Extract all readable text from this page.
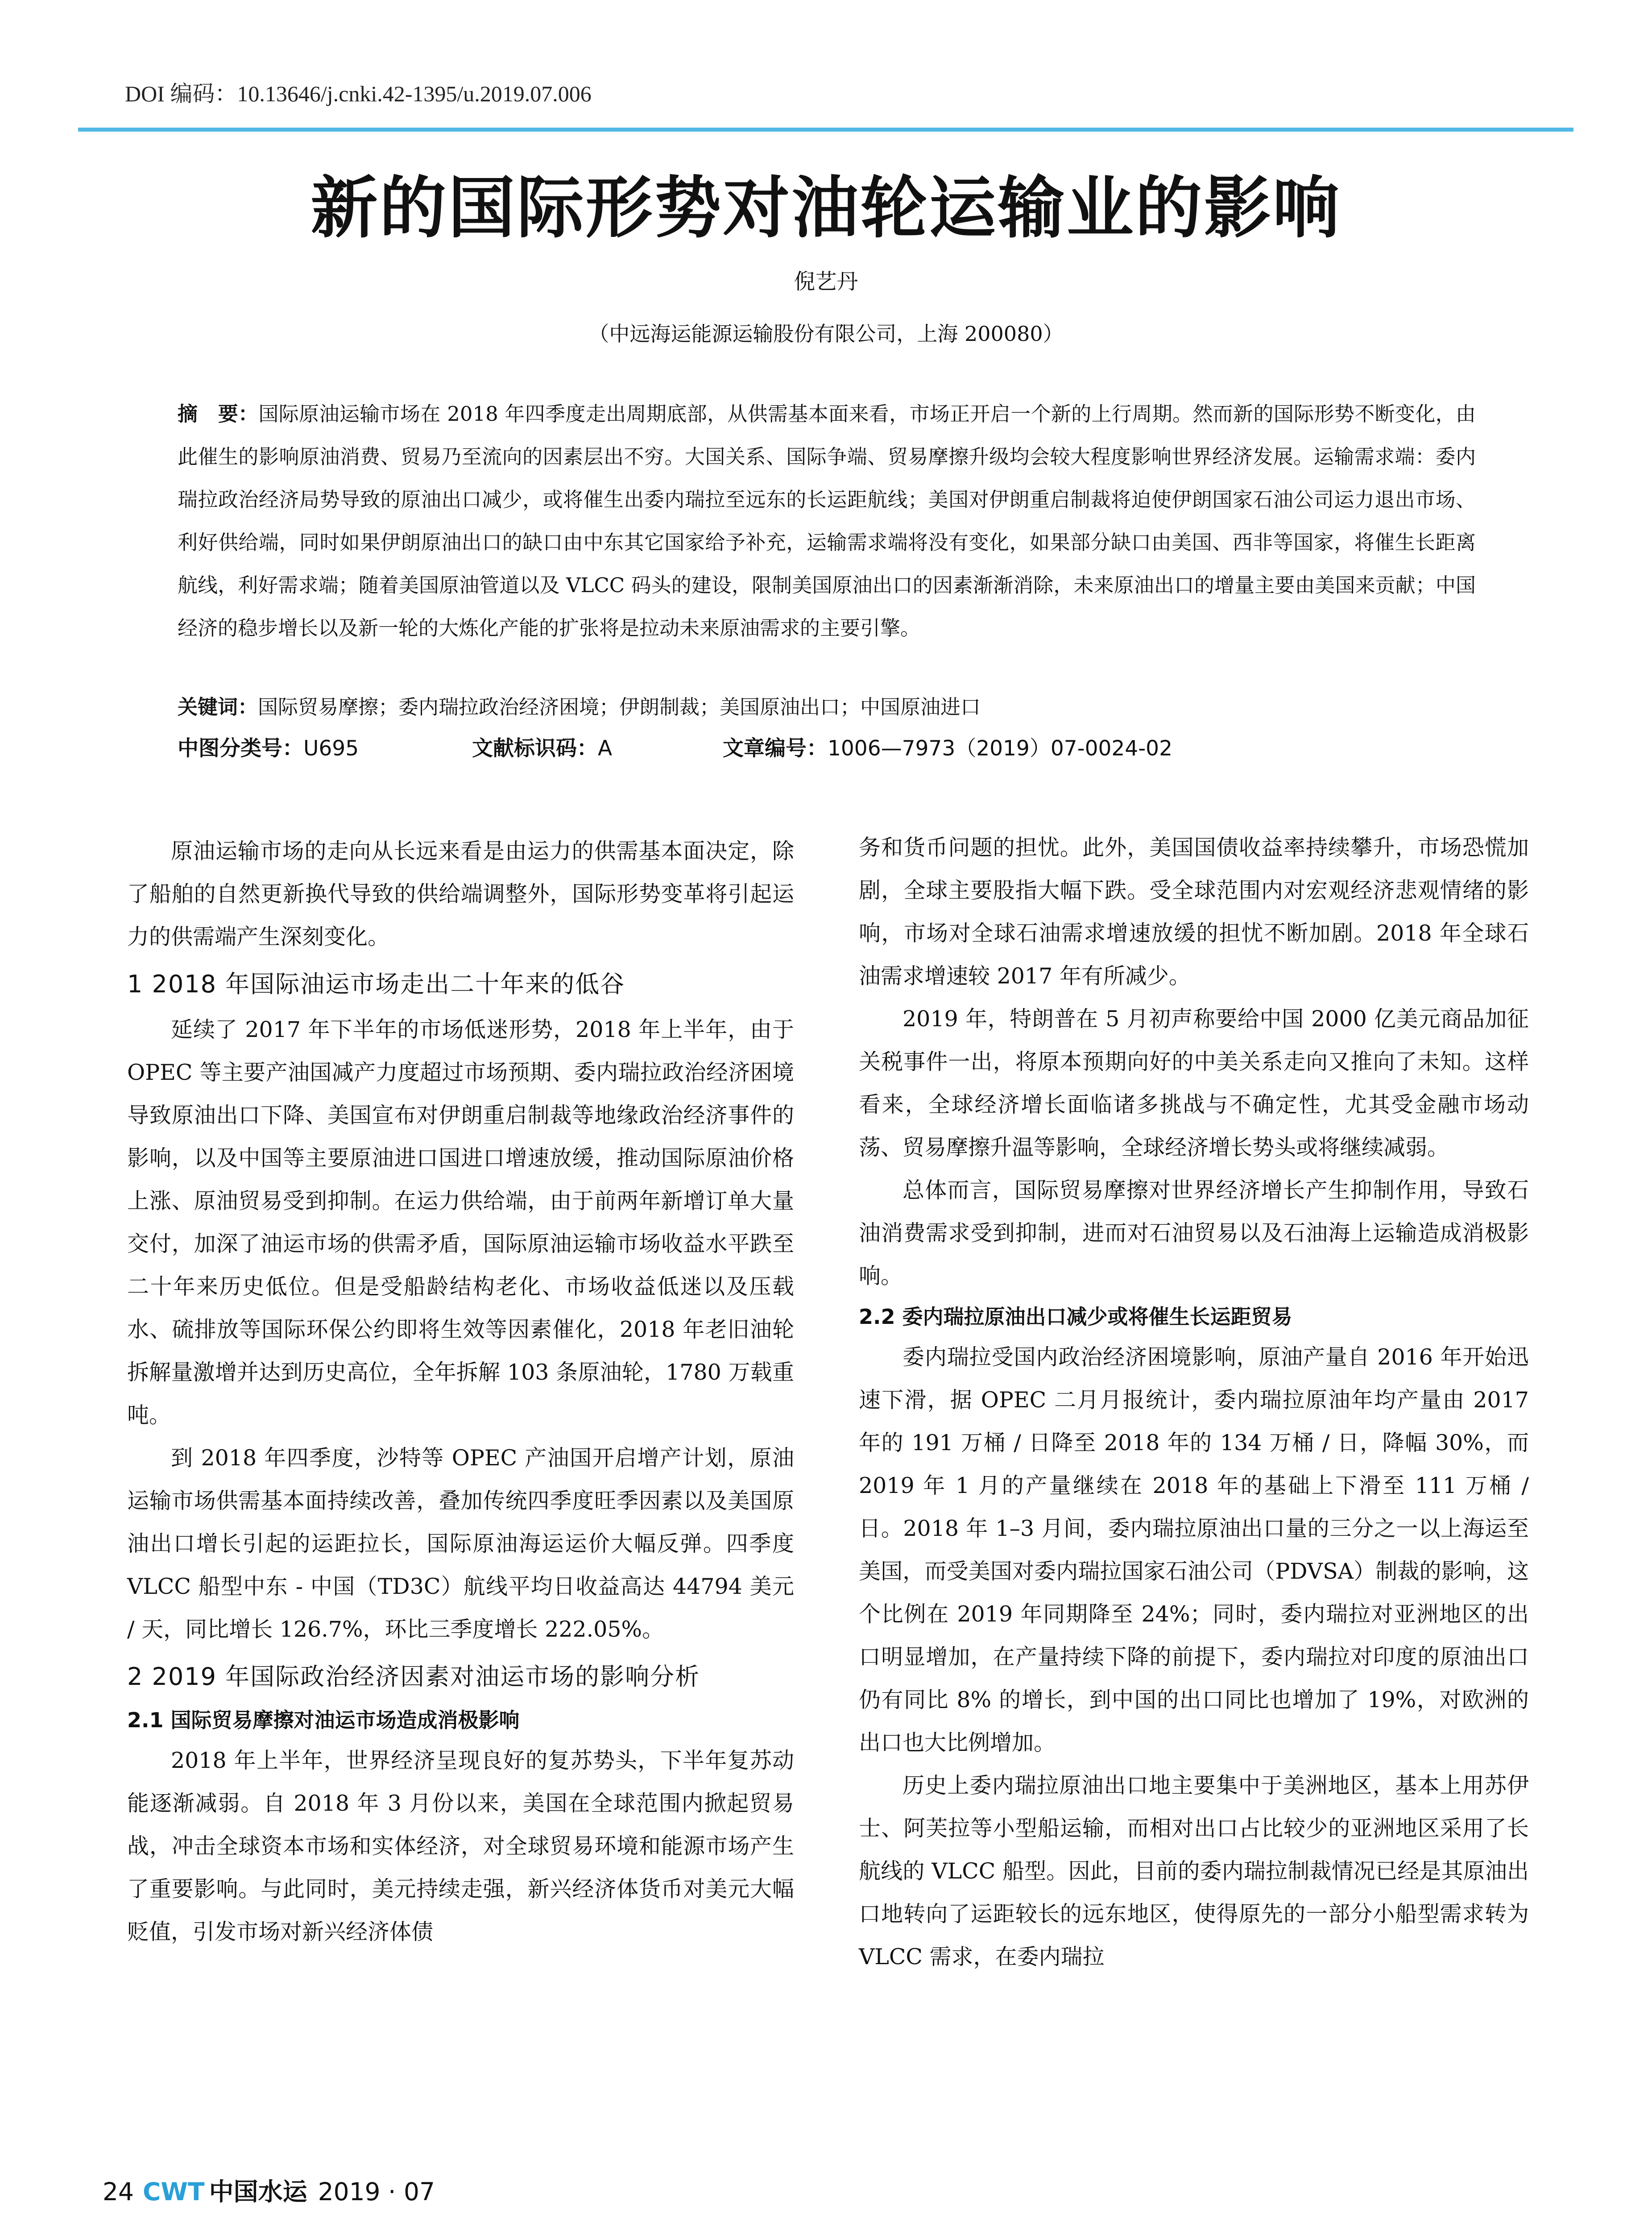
DOI 编码：10.13646/j.cnki.42-1395/u.2019.07.006
新的国际形势对油轮运输业的影响
倪艺丹
（中远海运能源运输股份有限公司，上海 200080）
摘　要：国际原油运输市场在 2018 年四季度走出周期底部，从供需基本面来看，市场正开启一个新的上行周期。然而新的国际形势不断变化，由此催生的影响原油消费、贸易乃至流向的因素层出不穷。大国关系、国际争端、贸易摩擦升级均会较大程度影响世界经济发展。运输需求端：委内瑞拉政治经济局势导致的原油出口减少，或将催生出委内瑞拉至远东的长运距航线；美国对伊朗重启制裁将迫使伊朗国家石油公司运力退出市场、利好供给端，同时如果伊朗原油出口的缺口由中东其它国家给予补充，运输需求端将没有变化，如果部分缺口由美国、西非等国家，将催生长距离航线，利好需求端；随着美国原油管道以及 VLCC 码头的建设，限制美国原油出口的因素渐渐消除，未来原油出口的增量主要由美国来贡献；中国经济的稳步增长以及新一轮的大炼化产能的扩张将是拉动未来原油需求的主要引擎。
关键词：国际贸易摩擦；委内瑞拉政治经济困境；伊朗制裁；美国原油出口；中国原油进口
中图分类号：U695	文献标识码：A	文章编号：1006—7973（2019）07-0024-02

原油运输市场的走向从长远来看是由运力的供需基本面决定，除了船舶的自然更新换代导致的供给端调整外，国际形势变革将引起运力的供需端产生深刻变化。

1 2018 年国际油运市场走出二十年来的低谷

延续了 2017 年下半年的市场低迷形势，2018 年上半年，由于 OPEC 等主要产油国减产力度超过市场预期、委内瑞拉政治经济困境导致原油出口下降、美国宣布对伊朗重启制裁等地缘政治经济事件的影响，以及中国等主要原油进口国进口增速放缓，推动国际原油价格上涨、原油贸易受到抑制。在运力供给端，由于前两年新增订单大量交付，加深了油运市场的供需矛盾，国际原油运输市场收益水平跌至二十年来历史低位。但是受船龄结构老化、市场收益低迷以及压载水、硫排放等国际环保公约即将生效等因素催化，2018 年老旧油轮拆解量激增并达到历史高位，全年拆解 103 条原油轮，1780 万载重吨。

到 2018 年四季度，沙特等 OPEC 产油国开启增产计划，原油运输市场供需基本面持续改善，叠加传统四季度旺季因素以及美国原油出口增长引起的运距拉长，国际原油海运运价大幅反弹。四季度 VLCC 船型中东 - 中国（TD3C）航线平均日收益高达 44794 美元 / 天，同比增长 126.7%，环比三季度增长 222.05%。

2 2019 年国际政治经济因素对油运市场的影响分析
2.1 国际贸易摩擦对油运市场造成消极影响

2018 年上半年，世界经济呈现良好的复苏势头，下半年复苏动能逐渐减弱。自 2018 年 3 月份以来，美国在全球范围内掀起贸易战，冲击全球资本市场和实体经济，对全球贸易环境和能源市场产生了重要影响。与此同时，美元持续走强，新兴经济体货币对美元大幅贬值，引发市场对新兴经济体债

务和货币问题的担忧。此外，美国国债收益率持续攀升，市场恐慌加剧，全球主要股指大幅下跌。受全球范围内对宏观经济悲观情绪的影响，市场对全球石油需求增速放缓的担忧不断加剧。2018 年全球石油需求增速较 2017 年有所减少。

2019 年，特朗普在 5 月初声称要给中国 2000 亿美元商品加征关税事件一出，将原本预期向好的中美关系走向又推向了未知。这样看来，全球经济增长面临诸多挑战与不确定性，尤其受金融市场动荡、贸易摩擦升温等影响，全球经济增长势头或将继续减弱。

总体而言，国际贸易摩擦对世界经济增长产生抑制作用，导致石油消费需求受到抑制，进而对石油贸易以及石油海上运输造成消极影响。

2.2 委内瑞拉原油出口减少或将催生长运距贸易

委内瑞拉受国内政治经济困境影响，原油产量自 2016 年开始迅速下滑，据 OPEC 二月月报统计，委内瑞拉原油年均产量由 2017 年的 191 万桶 / 日降至 2018 年的 134 万桶 / 日，降幅 30%，而 2019 年 1 月的产量继续在 2018 年的基础上下滑至 111 万桶 / 日。2018 年 1–3 月间，委内瑞拉原油出口量的三分之一以上海运至美国，而受美国对委内瑞拉国家石油公司（PDVSA）制裁的影响，这个比例在 2019 年同期降至 24%；同时，委内瑞拉对亚洲地区的出口明显增加，在产量持续下降的前提下，委内瑞拉对印度的原油出口仍有同比 8% 的增长，到中国的出口同比也增加了 19%，对欧洲的出口也大比例增加。

历史上委内瑞拉原油出口地主要集中于美洲地区，基本上用苏伊士、阿芙拉等小型船运输，而相对出口占比较少的亚洲地区采用了长航线的 VLCC 船型。因此，目前的委内瑞拉制裁情况已经是其原油出口地转向了运距较长的远东地区，使得原先的一部分小船型需求转为 VLCC 需求，在委内瑞拉

24 CWT 中国水运 2019 · 07
